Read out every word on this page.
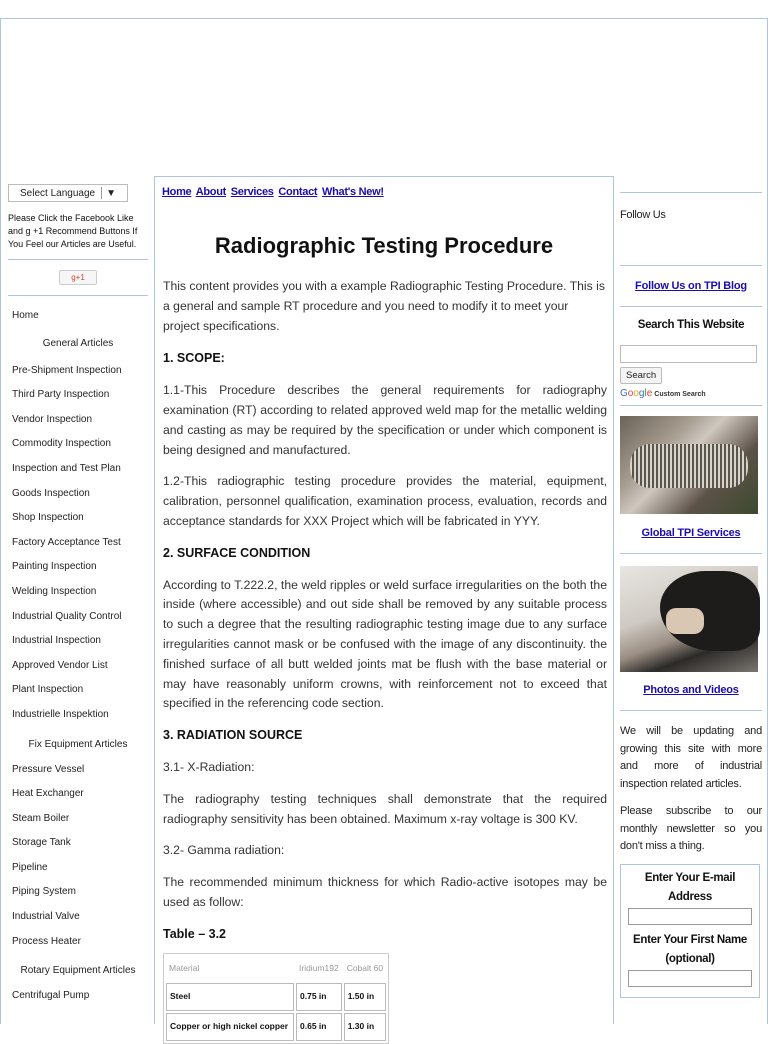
Select Language ▼
Please Click the Facebook Like and g +1 Recommend Buttons If You Feel our Articles are Useful.
g+1
Home
General Articles
Pre-Shipment Inspection
Third Party Inspection
Vendor Inspection
Commodity Inspection
Inspection and Test Plan
Goods Inspection
Shop Inspection
Factory Acceptance Test
Painting Inspection
Welding Inspection
Industrial Quality Control
Industrial Inspection
Approved Vendor List
Plant Inspection
Industrielle Inspektion
Fix Equipment Articles
Pressure Vessel
Heat Exchanger
Steam Boiler
Storage Tank
Pipeline
Piping System
Industrial Valve
Process Heater
Rotary Equipment Articles
Centrifugal Pump
Home About Services Contact What's New!
Radiographic Testing Procedure

This content provides you with a example Radiographic Testing Procedure. This is a general and sample RT procedure and you need to modify it to meet your project specifications.

1. SCOPE:

1.1-This Procedure describes the general requirements for radiography examination (RT) according to related approved weld map for the metallic welding and casting as may be required by the specification or under which component is being designed and manufactured.

1.2-This radiographic testing procedure provides the material, equipment, calibration, personnel qualification, examination process, evaluation, records and acceptance standards for XXX Project which will be fabricated in YYY.

2. SURFACE CONDITION

According to T.222.2, the weld ripples or weld surface irregularities on the both the inside (where accessible) and out side shall be removed by any suitable process to such a degree that the resulting radiographic testing image due to any surface irregularities cannot mask or be confused with the image of any discontinuity. the finished surface of all butt welded joints mat be flush with the base material or may have reasonably uniform crowns, with reinforcement not to exceed that specified in the referencing code section.

3. RADIATION SOURCE

3.1- X-Radiation:

The radiography testing techniques shall demonstrate that the required radiography sensitivity has been obtained. Maximum x-ray voltage is 300 KV.

3.2- Gamma radiation:

The recommended minimum thickness for which Radio-active isotopes may be used as follow:

Table – 3.2
Material	Iridium192	Cobalt 60
Steel	0.75 in	1.50 in
Copper or high nickel copper	0.65 in	1.30 in
Follow Us
Follow Us on TPI Blog
Search This Website
Search
Google Custom Search
Global TPI Services
Photos and Videos
We will be updating and growing this site with more and more of industrial inspection related articles.
Please subscribe to our monthly newsletter so you don't miss a thing.
Enter Your E-mail Address
Enter Your First Name (optional)
